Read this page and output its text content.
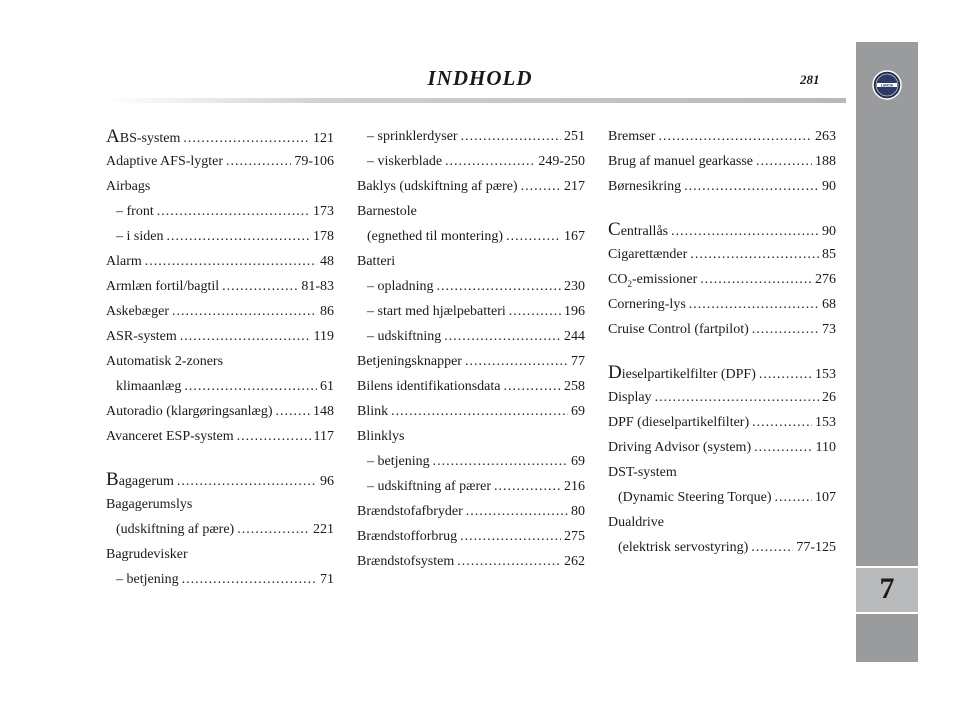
INDHOLD	281	LANCIA
7
ABS-system .....	121
Adaptive AFS-lygter .....	79-106
Airbags
– front .....	173
– i siden .....	178
Alarm .....	48
Armlæn fortil/bagtil .....	81-83
Askebæger .....	86
ASR-system .....	119
Automatisk 2-zoners
klimaanlæg .....	61
Autoradio (klargøringsanlæg) .....	148
Avanceret ESP-system .....	117
Bagagerum .....	96
Bagagerumslys
(udskiftning af pære) .....	221
Bagrudevisker
– betjening .....	71
– sprinklerdyser .....	251
– viskerblade .....	249-250
Baklys (udskiftning af pære) .....	217
Barnestole
(egnethed til montering) .....	167
Batteri
– opladning .....	230
– start med hjælpebatteri .....	196
– udskiftning .....	244
Betjeningsknapper .....	77
Bilens identifikationsdata .....	258
Blink .....	69
Blinklys
– betjening .....	69
– udskiftning af pærer .....	216
Brændstofafbryder .....	80
Brændstofforbrug .....	275
Brændstofsystem .....	262
Bremser .....	263
Brug af manuel gearkasse .....	188
Børnesikring .....	90
Centrallås .....	90
Cigarettænder .....	85
$CO_2$-emissioner .....	276
Cornering-lys .....	68
Cruise Control (fartpilot) .....	73
Dieselpartikelfilter (DPF) .....	153
Display .....	26
DPF (dieselpartikelfilter) .....	153
Driving Advisor (system) .....	110
DST-system
(Dynamic Steering Torque) .....	107
Dualdrive
(elektrisk servostyring) .....	77-125
